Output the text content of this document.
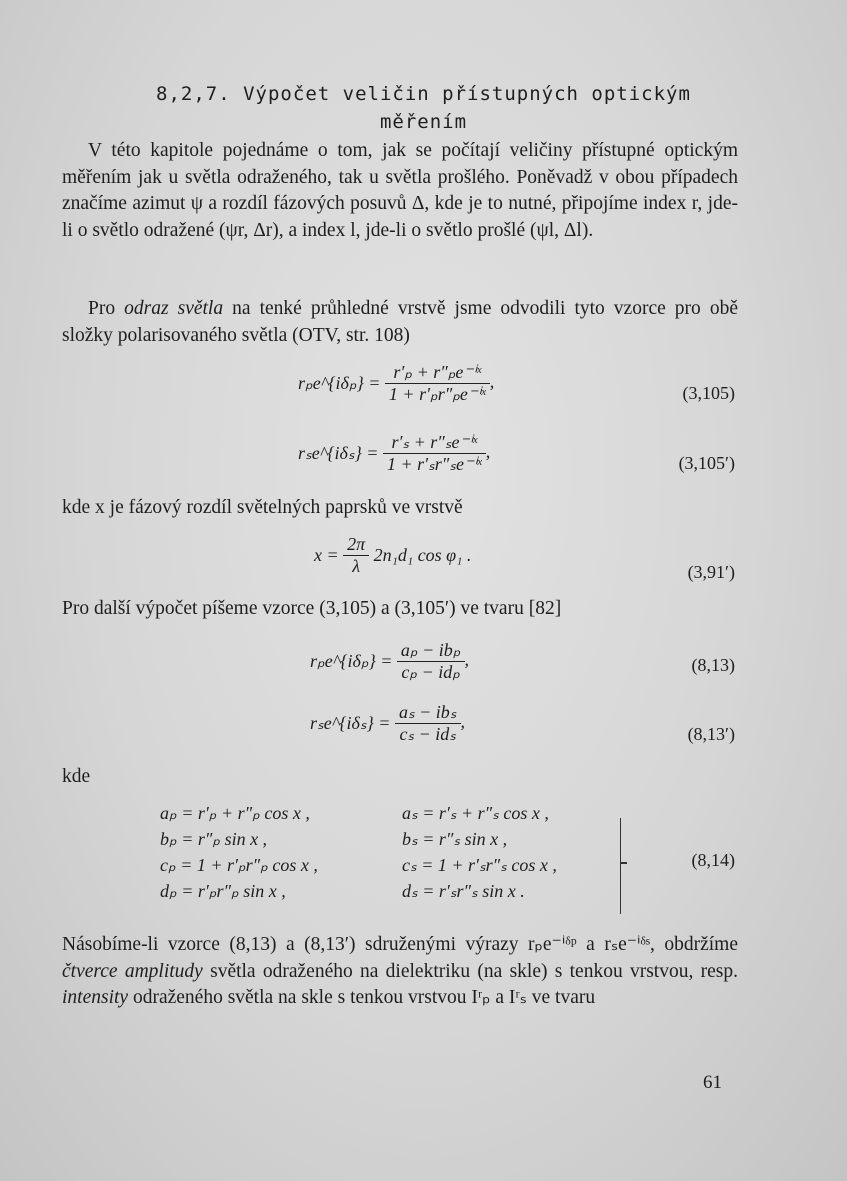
8,2,7. Výpočet veličin přístupných optickým
měřením

V této kapitole pojednáme o tom, jak se počítají veličiny přístupné optickým měřením jak u světla odraženého, tak u světla prošlého. Poněvadž v obou případech značíme azimut ψ a rozdíl fázových posuvů Δ, kde je to nutné, připojíme index r, jde-li o světlo odražené (ψr, Δr), a index l, jde-li o světlo prošlé (ψl, Δl).

Pro odraz světla na tenké průhledné vrstvě jsme odvodili tyto vzorce pro obě složky polarisovaného světla (OTV, str. 108)

rₚe^{iδₚ} = $\frac{\text{r′ₚ + r″ₚe⁻ⁱˣ}}{\text{1 + r′ₚr″ₚe⁻ⁱˣ}}$ ,
(3,105)
rₛe^{iδₛ} = $\frac{\text{r′ₛ + r″ₛe⁻ⁱˣ}}{\text{1 + r′ₛr″ₛe⁻ⁱˣ}}$ ,
(3,105′)

kde x je fázový rozdíl světelných paprsků ve vrstvě

$x = \frac{2\pi}{\lambda} 2n_1d_1$ cos φ₁ .
(3,91′)

Pro další výpočet píšeme vzorce (3,105) a (3,105′) ve tvaru [82]

rₚe^{iδₚ} = $\frac{\text{aₚ − ibₚ}}{\text{cₚ − idₚ}}$ ,	(8,13)
rₛe^{iδₛ} = $\frac{\text{aₛ − ibₛ}}{\text{cₛ − idₛ}}$ ,
(8,13′)
kde
aₚ = r′ₚ + r″ₚ cos x ,
bₚ = r″ₚ sin x ,
cₚ = 1 + r′ₚr″ₚ cos x ,
dₚ = r′ₚr″ₚ sin x ,
aₛ = r′ₛ + r″ₛ cos x ,
bₛ = r″ₛ sin x ,
cₛ = 1 + r′ₛr″ₛ cos x ,
dₛ = r′ₛr″ₛ sin x .
(8,14)

Násobíme-li vzorce (8,13) a (8,13′) sdruženými výrazy rₚe⁻ⁱᵟᵖ a rₛe⁻ⁱᵟˢ, obdržíme čtverce amplitudy světla odraženého na dielektriku (na skle) s tenkou vrstvou, resp. intensity odraženého světla na skle s tenkou vrstvou Iʳₚ a Iʳₛ ve tvaru

61
